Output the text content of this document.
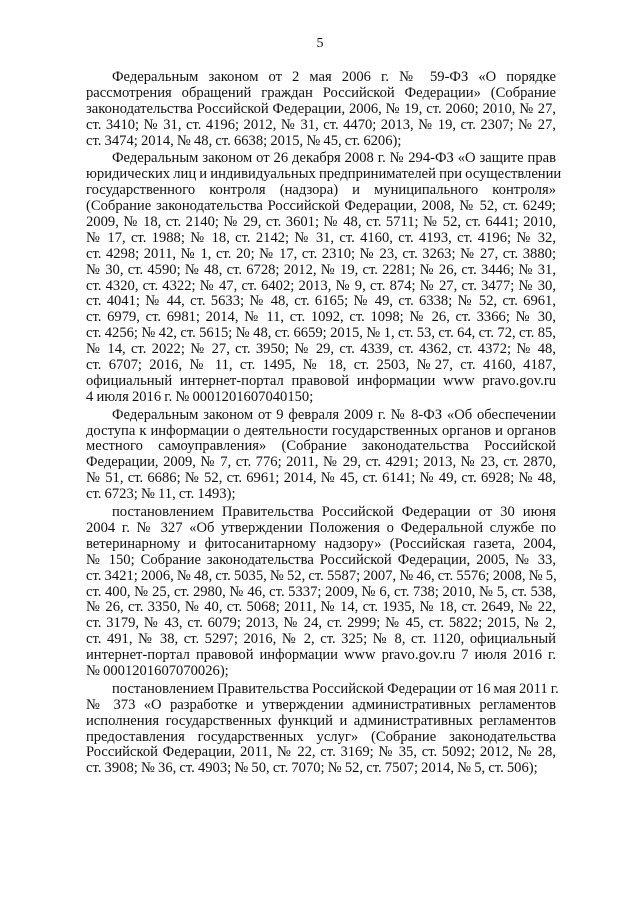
5
Федеральным законом от 2 мая 2006 г. № 59-ФЗ «О порядке
рассмотрения обращений граждан Российской Федерации» (Собрание
законодательства Российской Федерации, 2006, № 19, ст. 2060; 2010, № 27,
ст. 3410; № 31, ст. 4196; 2012, № 31, ст. 4470; 2013, № 19, ст. 2307; № 27,
ст. 3474; 2014, № 48, ст. 6638; 2015, № 45, ст. 6206);
Федеральным законом от 26 декабря 2008 г. № 294-ФЗ «О защите прав
юридических лиц и индивидуальных предпринимателей при осуществлении
государственного контроля (надзора) и муниципального контроля»
(Собрание законодательства Российской Федерации, 2008, № 52, ст. 6249;
2009, № 18, ст. 2140; № 29, ст. 3601; № 48, ст. 5711; № 52, ст. 6441; 2010,
№ 17, ст. 1988; № 18, ст. 2142; № 31, ст. 4160, ст. 4193, ст. 4196; № 32,
ст. 4298; 2011, № 1, ст. 20; № 17, ст. 2310; № 23, ст. 3263; № 27, ст. 3880;
№ 30, ст. 4590; № 48, ст. 6728; 2012, № 19, ст. 2281; № 26, ст. 3446; № 31,
ст. 4320, ст. 4322; № 47, ст. 6402; 2013, № 9, ст. 874; № 27, ст. 3477; № 30,
ст. 4041; № 44, ст. 5633; № 48, ст. 6165; № 49, ст. 6338; № 52, ст. 6961,
ст. 6979, ст. 6981; 2014, № 11, ст. 1092, ст. 1098; № 26, ст. 3366; № 30,
ст. 4256; № 42, ст. 5615; № 48, ст. 6659; 2015, № 1, ст. 53, ст. 64, ст. 72, ст. 85,
№ 14, ст. 2022; № 27, ст. 3950; № 29, ст. 4339, ст. 4362, ст. 4372; № 48,
ст. 6707; 2016, № 11, ст. 1495, № 18, ст. 2503, №27, ст. 4160, 4187,
официальный интернет-портал правовой информации www pravo.gov.ru
4 июля 2016 г. № 0001201607040150;
Федеральным законом от 9 февраля 2009 г. № 8-ФЗ «Об обеспечении
доступа к информации о деятельности государственных органов и органов
местного самоуправления» (Собрание законодательства Российской
Федерации, 2009, № 7, ст. 776; 2011, № 29, ст. 4291; 2013, № 23, ст. 2870,
№ 51, ст. 6686; № 52, ст. 6961; 2014, № 45, ст. 6141; № 49, ст. 6928; № 48,
ст. 6723; № 11, ст. 1493);
постановлением Правительства Российской Федерации от 30 июня
2004 г. № 327 «Об утверждении Положения о Федеральной службе по
ветеринарному и фитосанитарному надзору» (Российская газета, 2004,
№ 150; Собрание законодательства Российской Федерации, 2005, № 33,
ст. 3421; 2006, № 48, ст. 5035, № 52, ст. 5587; 2007, № 46, ст. 5576; 2008, № 5,
ст. 400, № 25, ст. 2980, № 46, ст. 5337; 2009, № 6, ст. 738; 2010, № 5, ст. 538,
№ 26, ст. 3350, № 40, ст. 5068; 2011, № 14, ст. 1935, № 18, ст. 2649, № 22,
ст. 3179, № 43, ст. 6079; 2013, № 24, ст. 2999; № 45, ст. 5822; 2015, № 2,
ст. 491, № 38, ст. 5297; 2016, № 2, ст. 325; № 8, ст. 1120, официальный
интернет-портал правовой информации www pravo.gov.ru 7 июля 2016 г.
№ 0001201607070026);
постановлением Правительства Российской Федерации от 16 мая 2011 г.
№ 373 «О разработке и утверждении административных регламентов
исполнения государственных функций и административных регламентов
предоставления государственных услуг» (Собрание законодательства
Российской Федерации, 2011, № 22, ст. 3169; № 35, ст. 5092; 2012, № 28,
ст. 3908; № 36, ст. 4903; № 50, ст. 7070; № 52, ст. 7507; 2014, № 5, ст. 506);
